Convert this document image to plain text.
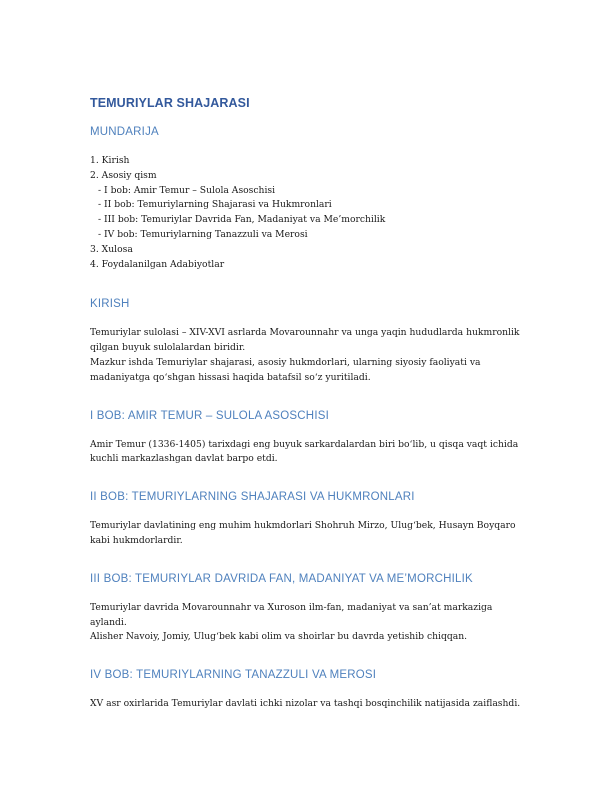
TEMURIYLAR SHAJARASI
MUNDARIJA
1. Kirish
2. Asosiy qism
- I bob: Amir Temur – Sulola Asoschisi
- II bob: Temuriylarning Shajarasi va Hukmronlari
- III bob: Temuriylar Davrida Fan, Madaniyat va Me’morchilik
- IV bob: Temuriylarning Tanazzuli va Merosi
3. Xulosa
4. Foydalanilgan Adabiyotlar
KIRISH

Temuriylar sulolasi – XIV-XVI asrlarda Movarounnahr va unga yaqin hududlarda hukmronlik

qilgan buyuk sulolalardan biridir.

Mazkur ishda Temuriylar shajarasi, asosiy hukmdorlari, ularning siyosiy faoliyati va

madaniyatga qo‘shgan hissasi haqida batafsil so‘z yuritiladi.

I BOB: AMIR TEMUR – SULOLA ASOSCHISI

Amir Temur (1336-1405) tarixdagi eng buyuk sarkardalardan biri bo‘lib, u qisqa vaqt ichida

kuchli markazlashgan davlat barpo etdi.

II BOB: TEMURIYLARNING SHAJARASI VA HUKMRONLARI

Temuriylar davlatining eng muhim hukmdorlari Shohruh Mirzo, Ulug‘bek, Husayn Boyqaro

kabi hukmdorlardir.

III BOB: TEMURIYLAR DAVRIDA FAN, MADANIYAT VA ME’MORCHILIK

Temuriylar davrida Movarounnahr va Xuroson ilm-fan, madaniyat va san’at markaziga aylandi.

Alisher Navoiy, Jomiy, Ulug‘bek kabi olim va shoirlar bu davrda yetishib chiqqan.

IV BOB: TEMURIYLARNING TANAZZULI VA MEROSI

XV asr oxirlarida Temuriylar davlati ichki nizolar va tashqi bosqinchilik natijasida zaiflashdi.
